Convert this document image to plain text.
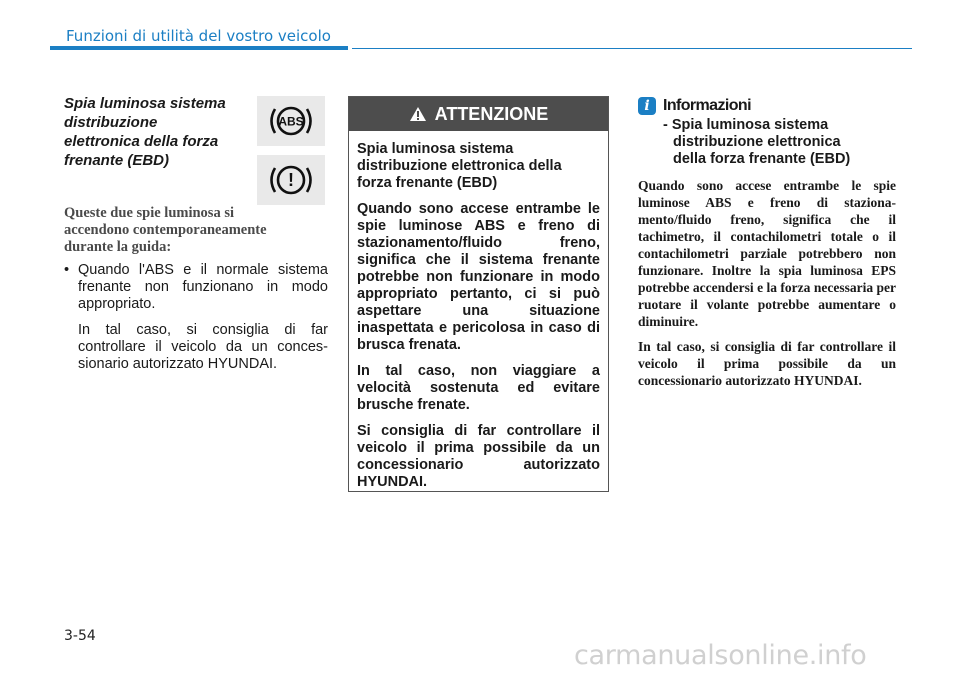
Funzioni di utilità del vostro veicolo
Spia luminosa sistema
distribuzione
elettronica della forza
frenante (EBD)
ABS
!
Queste due spie luminosa si
accendono contemporaneamente
durante la guida:
• Quando l'ABS e il normale sistema frenante non funzionano in modo appropriato.
In tal caso, si consiglia di far controllare il veicolo da un conces-sionario autorizzato HYUNDAI.
ATTENZIONE

Spia luminosa sistema distribuzione elettronica della forza frenante (EBD)

Quando sono accese entrambe le spie luminose ABS e freno di stazionamento/fluido freno, significa che il sistema frenante potrebbe non funzionare in modo appropriato pertanto, ci si può aspettare una situazione inaspettata e pericolosa in caso di brusca frenata.

In tal caso, non viaggiare a velocità sostenuta ed evitare brusche frenate.

Si consiglia di far controllare il veicolo il prima possibile da un concessionario autorizzato HYUNDAI.

i Informazioni
- Spia luminosa sistema
distribuzione elettronica
della forza frenante (EBD)

Quando sono accese entrambe le spie luminose ABS e freno di staziona-mento/fluido freno, significa che il tachimetro, il contachilometri totale o il contachilometri parziale potrebbero non funzionare. Inoltre la spia luminosa EPS potrebbe accendersi e la forza necessaria per ruotare il volante potrebbe aumentare o diminuire.

In tal caso, si consiglia di far controllare il veicolo il prima possibile da un concessionario autorizzato HYUNDAI.

3-54
carmanualsonline.info
